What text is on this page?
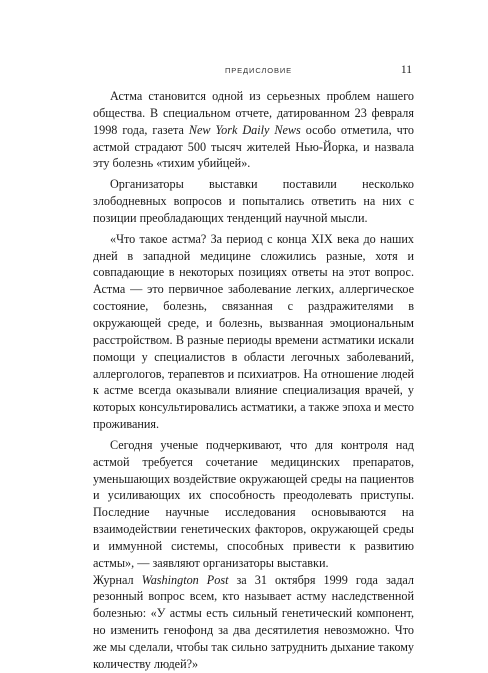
ПРЕДИСЛОВИЕ	11

Астма становится одной из серьезных проблем нашего общества. В специальном отчете, датированном 23 февраля 1998 года, газета New York Daily News особо отметила, что астмой страдают 500 тысяч жителей Нью-Йорка, и назвала эту болезнь «тихим убийцей».

Организаторы выставки поставили несколько злободневных вопросов и попытались ответить на них с позиции преобладающих тенденций научной мысли.

«Что такое астма? За период с конца XIX века до наших дней в западной медицине сложились разные, хотя и совпадающие в некоторых позициях ответы на этот вопрос. Астма — это первичное заболевание легких, аллергическое состояние, болезнь, связанная с раздражителями в окружающей среде, и болезнь, вызванная эмоциональным расстройством. В разные периоды времени астматики искали помощи у специалистов в области легочных заболеваний, аллергологов, терапевтов и психиатров. На отношение людей к астме всегда оказывали влияние специализация врачей, у которых консультировались астматики, а также эпоха и место проживания.

Сегодня ученые подчеркивают, что для контроля над астмой требуется сочетание медицинских препаратов, уменьшающих воздействие окружающей среды на пациентов и усиливающих их способность преодолевать приступы. Последние научные исследования основываются на взаимодействии генетических факторов, окружающей среды и иммунной системы, способных привести к развитию астмы», — заявляют организаторы выставки.

Журнал Washington Post за 31 октября 1999 года задал резонный вопрос всем, кто называет астму наследственной болезнью: «У астмы есть сильный генетический компонент, но изменить генофонд за два десятилетия невозможно. Что же мы сделали, чтобы так сильно затруднить дыхание такому количеству людей?»
